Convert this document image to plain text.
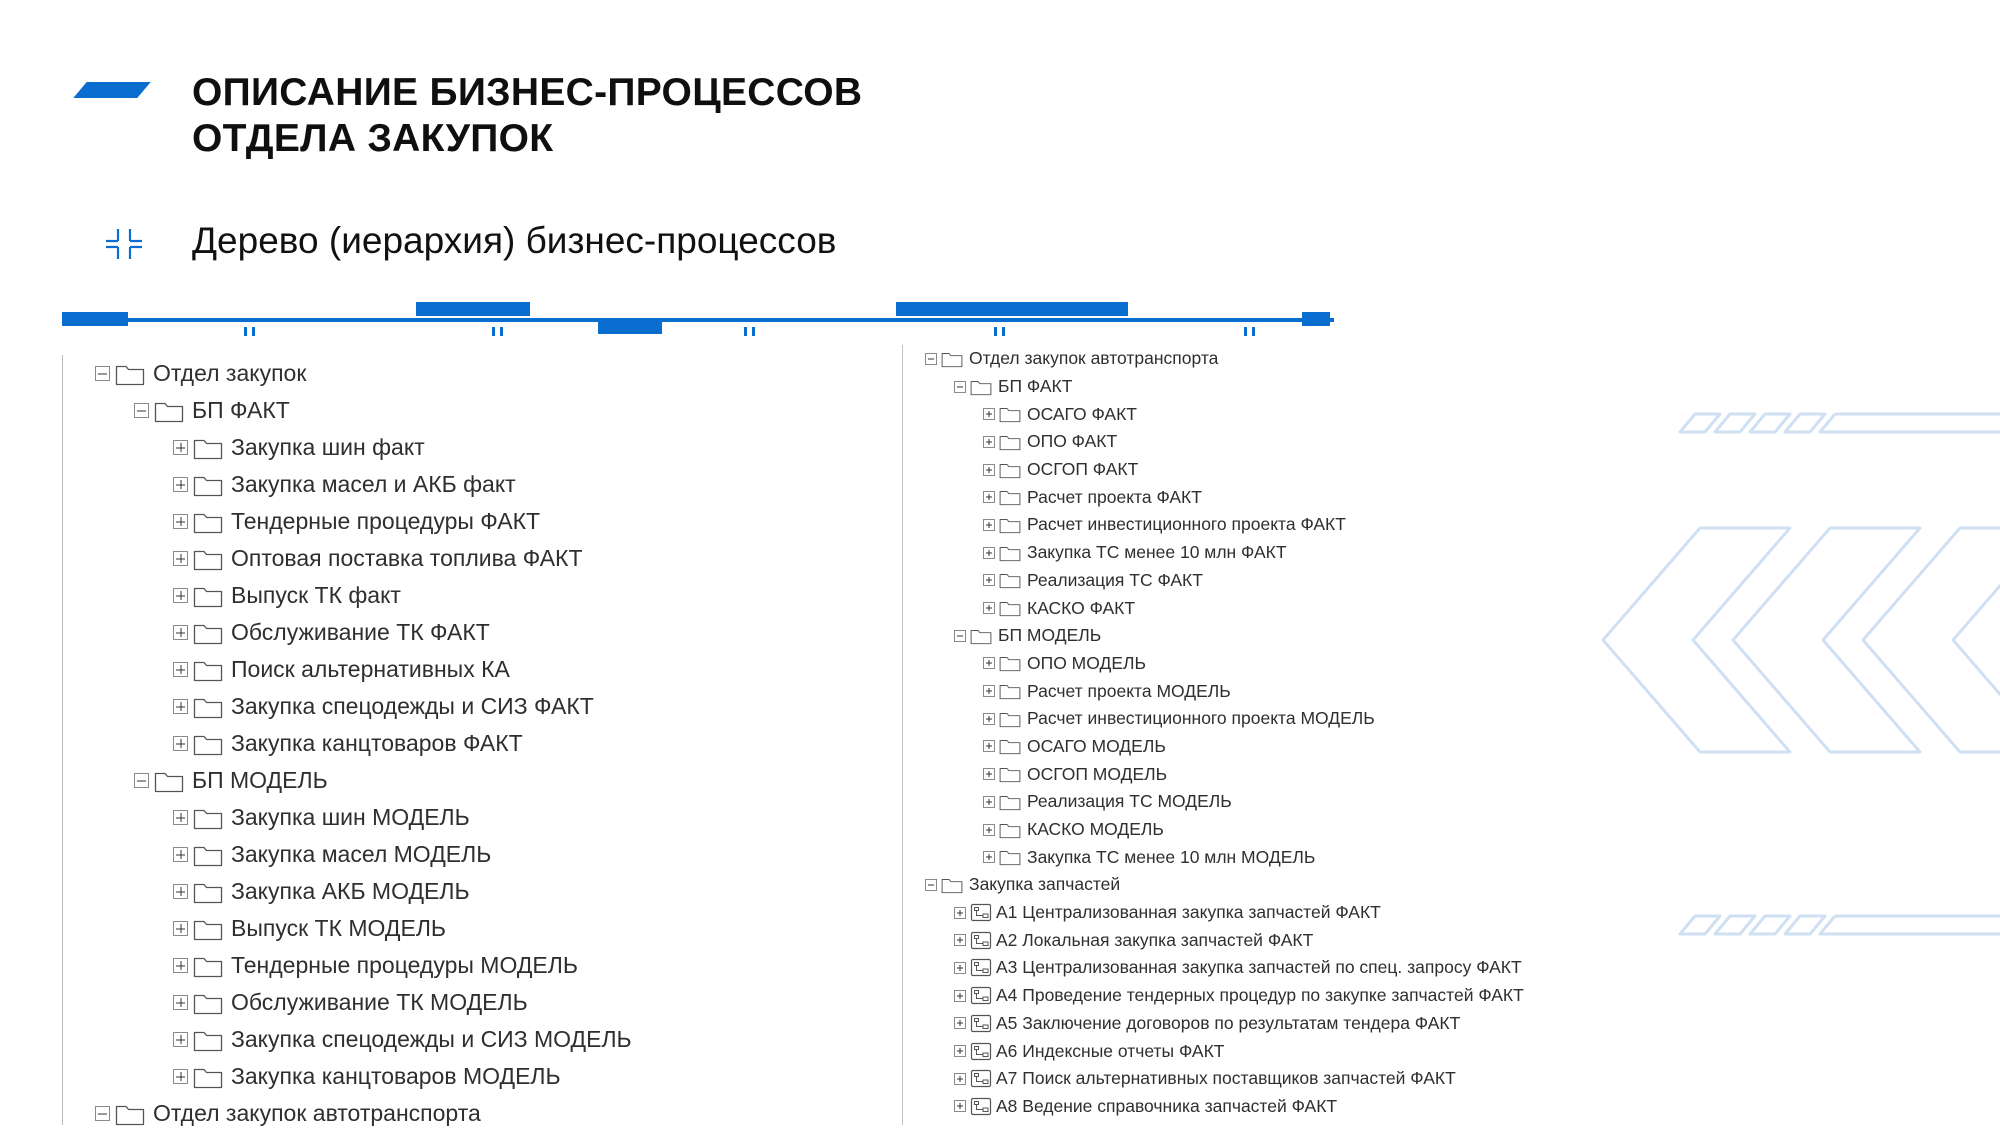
ОПИСАНИЕ БИЗНЕС-ПРОЦЕССОВ
ОТДЕЛА ЗАКУПОК
Дерево (иерархия) бизнес-процессов
Отдел закупок
БП ФАКТ
Закупка шин факт
Закупка масел и АКБ факт
Тендерные процедуры ФАКТ
Оптовая поставка топлива ФАКТ
Выпуск ТК факт
Обслуживание ТК ФАКТ
Поиск альтернативных КА
Закупка спецодежды и СИЗ ФАКТ
Закупка канцтоваров ФАКТ
БП МОДЕЛЬ
Закупка шин МОДЕЛЬ
Закупка масел МОДЕЛЬ
Закупка АКБ МОДЕЛЬ
Выпуск ТК МОДЕЛЬ
Тендерные процедуры МОДЕЛЬ
Обслуживание ТК МОДЕЛЬ
Закупка спецодежды и СИЗ МОДЕЛЬ
Закупка канцтоваров МОДЕЛЬ
Отдел закупок автотранспорта
Отдел закупок автотранспорта
БП ФАКТ
ОСАГО ФАКТ
ОПО ФАКТ
ОСГОП ФАКТ
Расчет проекта ФАКТ
Расчет инвестиционного проекта ФАКТ
Закупка ТС менее 10 млн ФАКТ
Реализация ТС ФАКТ
КАСКО ФАКТ
БП МОДЕЛЬ
ОПО МОДЕЛЬ
Расчет проекта МОДЕЛЬ
Расчет инвестиционного проекта МОДЕЛЬ
ОСАГО МОДЕЛЬ
ОСГОП МОДЕЛЬ
Реализация ТС МОДЕЛЬ
КАСКО МОДЕЛЬ
Закупка ТС менее 10 млн МОДЕЛЬ
Закупка запчастей
А1 Централизованная закупка запчастей ФАКТ
А2 Локальная закупка запчастей ФАКТ
А3 Централизованная закупка запчастей по спец. запросу ФАКТ
А4 Проведение тендерных процедур по закупке запчастей ФАКТ
А5 Заключение договоров по результатам тендера ФАКТ
А6 Индексные отчеты ФАКТ
А7 Поиск альтернативных поставщиков запчастей ФАКТ
А8 Ведение справочника запчастей ФАКТ
